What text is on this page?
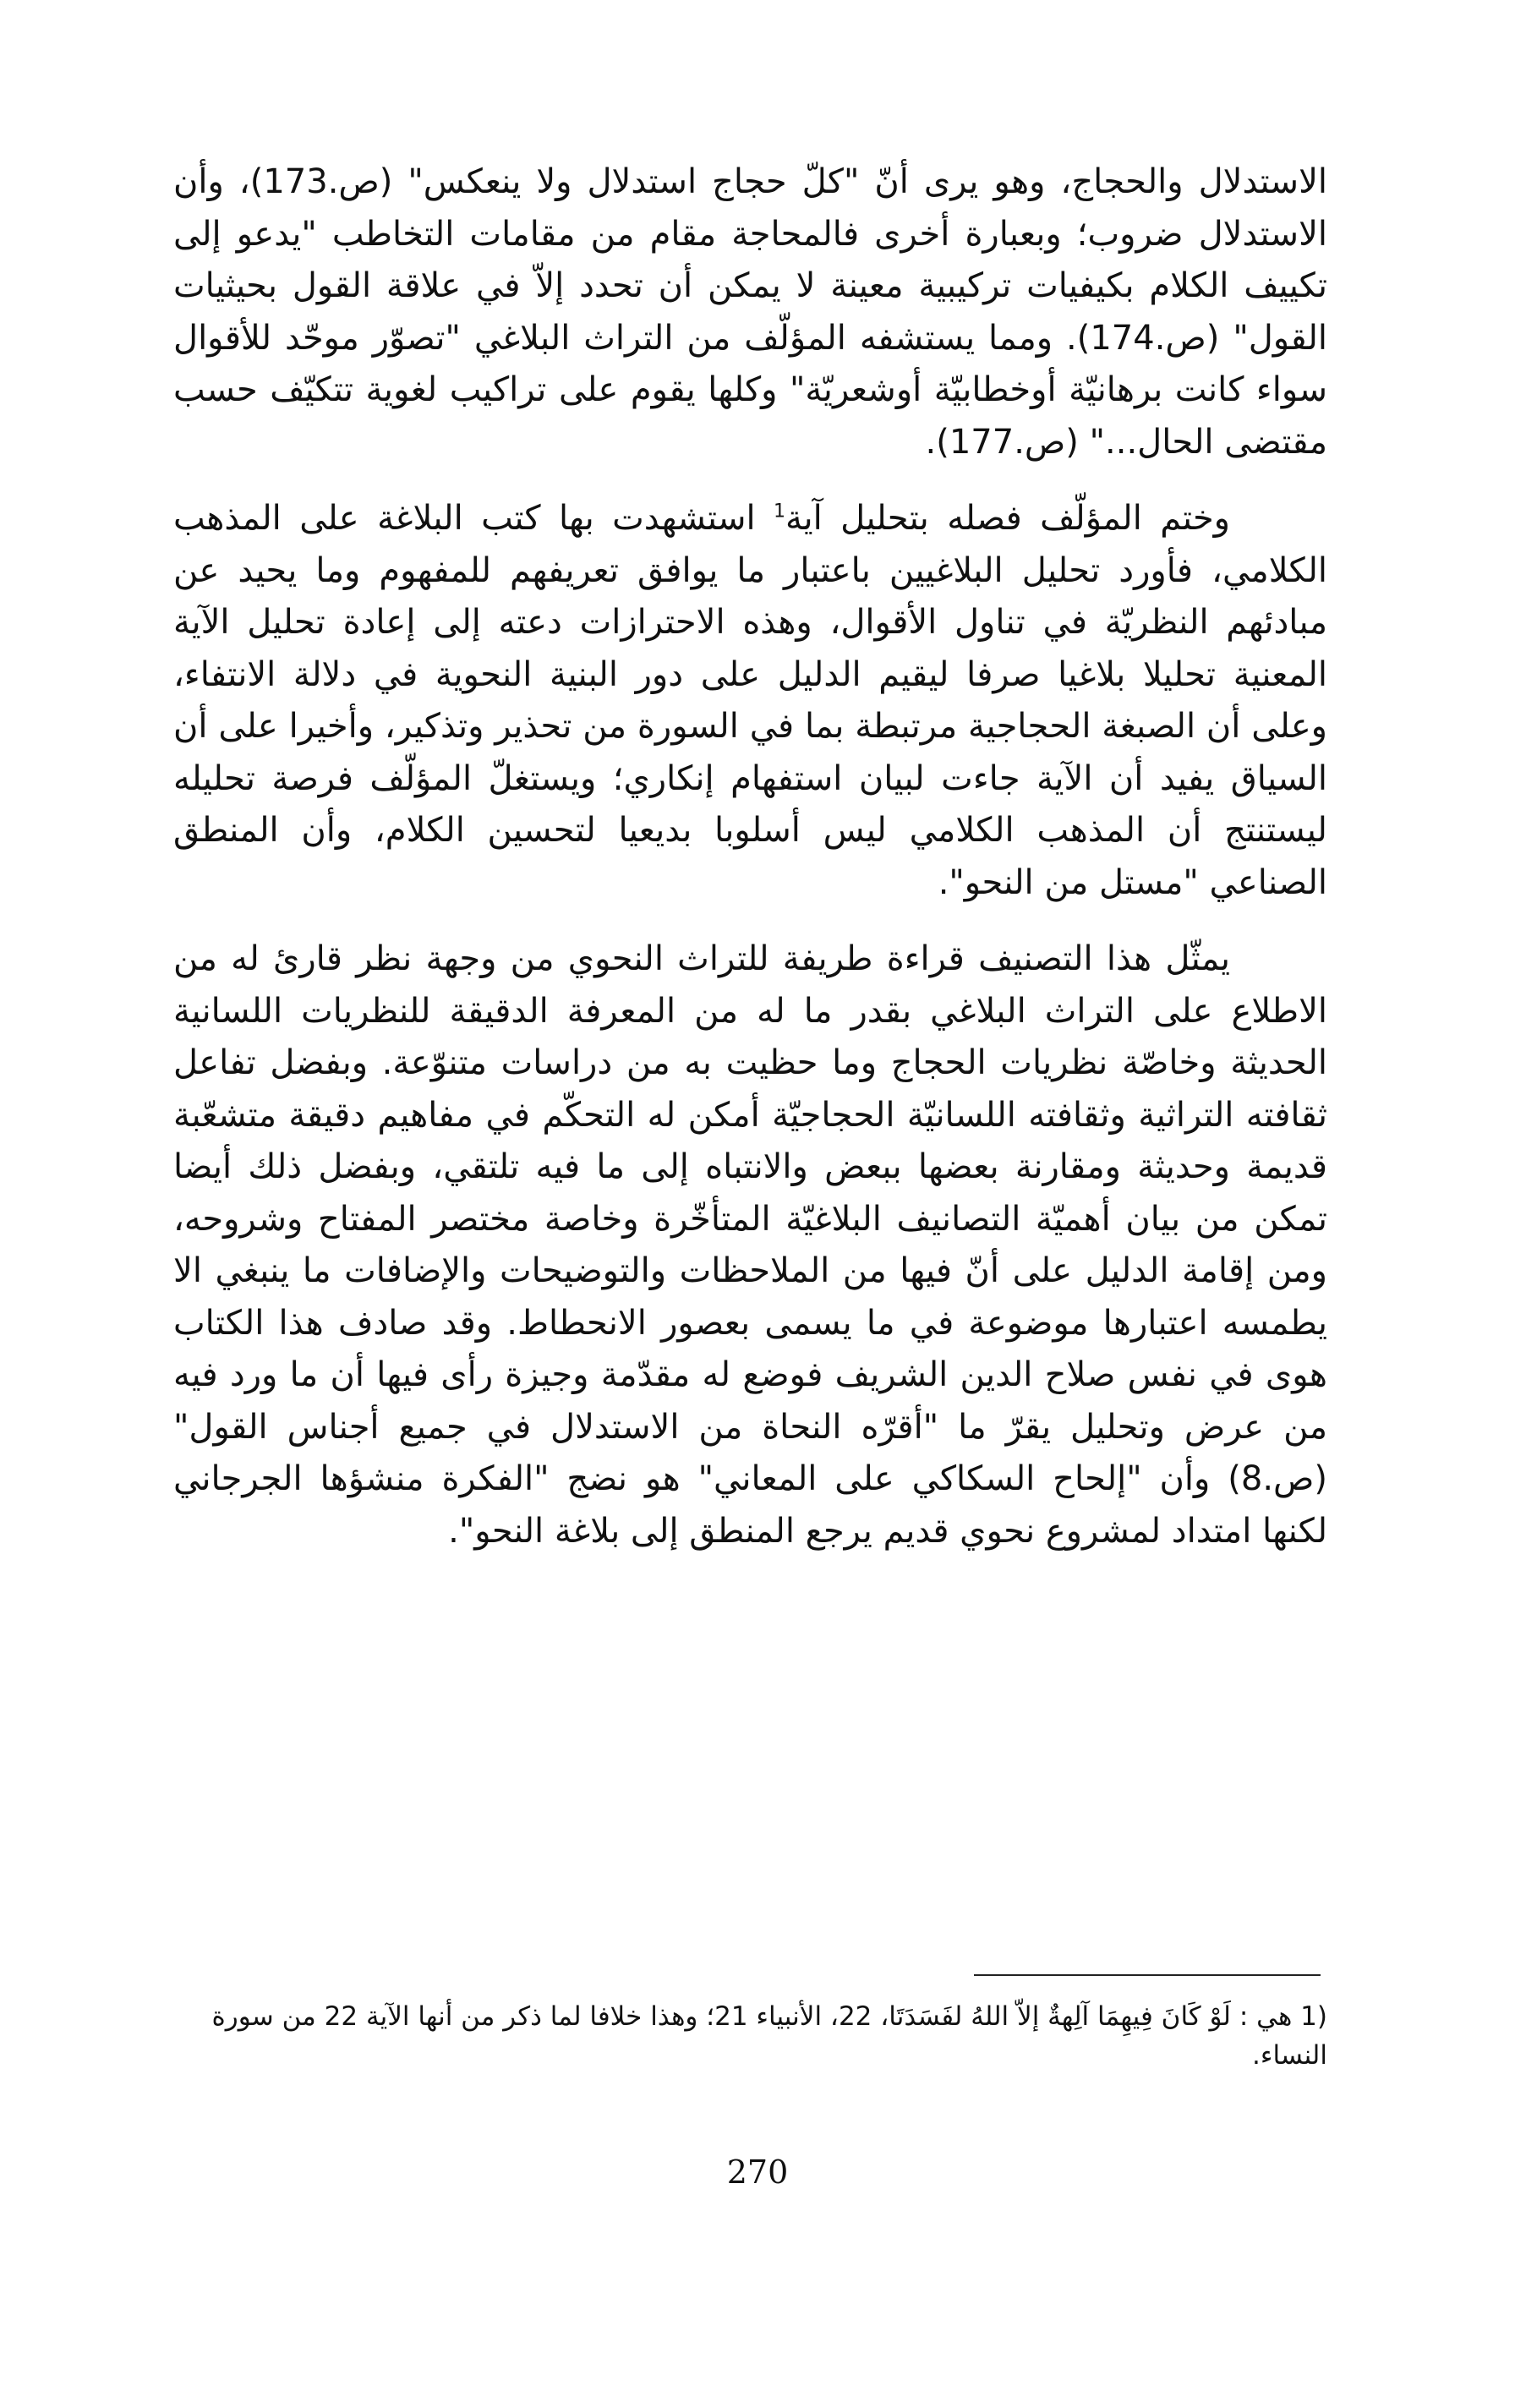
الاستدلال والحجاج، وهو يرى أنّ "كلّ حجاج استدلال ولا ينعكس" (ص.173)، وأن الاستدلال ضروب؛ وبعبارة أخرى فالمحاجة مقام من مقامات التخاطب "يدعو إلى تكييف الكلام بكيفيات تركيبية معينة لا يمكن أن تحدد إلاّ في علاقة القول بحيثيات القول" (ص.174). ومما يستشفه المؤلّف من التراث البلاغي "تصوّر موحّد للأقوال سواء كانت برهانيّة أوخطابيّة أوشعريّة" وكلها يقوم على تراكيب لغوية تتكيّف حسب مقتضى الحال..." (ص.177).

وختم المؤلّف فصله بتحليل آية$^1$ استشهدت بها كتب البلاغة على المذهب الكلامي، فأورد تحليل البلاغيين باعتبار ما يوافق تعريفهم للمفهوم وما يحيد عن مبادئهم النظريّة في تناول الأقوال، وهذه الاحترازات دعته إلى إعادة تحليل الآية المعنية تحليلا بلاغيا صرفا ليقيم الدليل على دور البنية النحوية في دلالة الانتفاء، وعلى أن الصبغة الحجاجية مرتبطة بما في السورة من تحذير وتذكير، وأخيرا على أن السياق يفيد أن الآية جاءت لبيان استفهام إنكاري؛ ويستغلّ المؤلّف فرصة تحليله ليستنتج أن المذهب الكلامي ليس أسلوبا بديعيا لتحسين الكلام، وأن المنطق الصناعي "مستل من النحو".

يمثّل هذا التصنيف قراءة طريفة للتراث النحوي من وجهة نظر قارئ له من الاطلاع على التراث البلاغي بقدر ما له من المعرفة الدقيقة للنظريات اللسانية الحديثة وخاصّة نظريات الحجاج وما حظيت به من دراسات متنوّعة. وبفضل تفاعل ثقافته التراثية وثقافته اللسانيّة الحجاجيّة أمكن له التحكّم في مفاهيم دقيقة متشعّبة قديمة وحديثة ومقارنة بعضها ببعض والانتباه إلى ما فيه تلتقي، وبفضل ذلك أيضا تمكن من بيان أهميّة التصانيف البلاغيّة المتأخّرة وخاصة مختصر المفتاح وشروحه، ومن إقامة الدليل على أنّ فيها من الملاحظات والتوضيحات والإضافات ما ينبغي الا يطمسه اعتبارها موضوعة في ما يسمى بعصور الانحطاط. وقد صادف هذا الكتاب هوى في نفس صلاح الدين الشريف فوضع له مقدّمة وجيزة رأى فيها أن ما ورد فيه من عرض وتحليل يقرّ ما "أقرّه النحاة من الاستدلال في جميع أجناس القول" (ص.8) وأن "إلحاح السكاكي على المعاني" هو نضج "الفكرة منشؤها الجرجاني لكنها امتداد لمشروع نحوي قديم يرجع المنطق إلى بلاغة النحو".

1) هي : لَوْ كَانَ فِيهِمَا آلِهةٌ إلاّ اللهُ لفَسَدَتَا، 22، الأنبياء 21؛ وهذا خلافا لما ذكر من أنها الآية 22 من سورة النساء.
270
